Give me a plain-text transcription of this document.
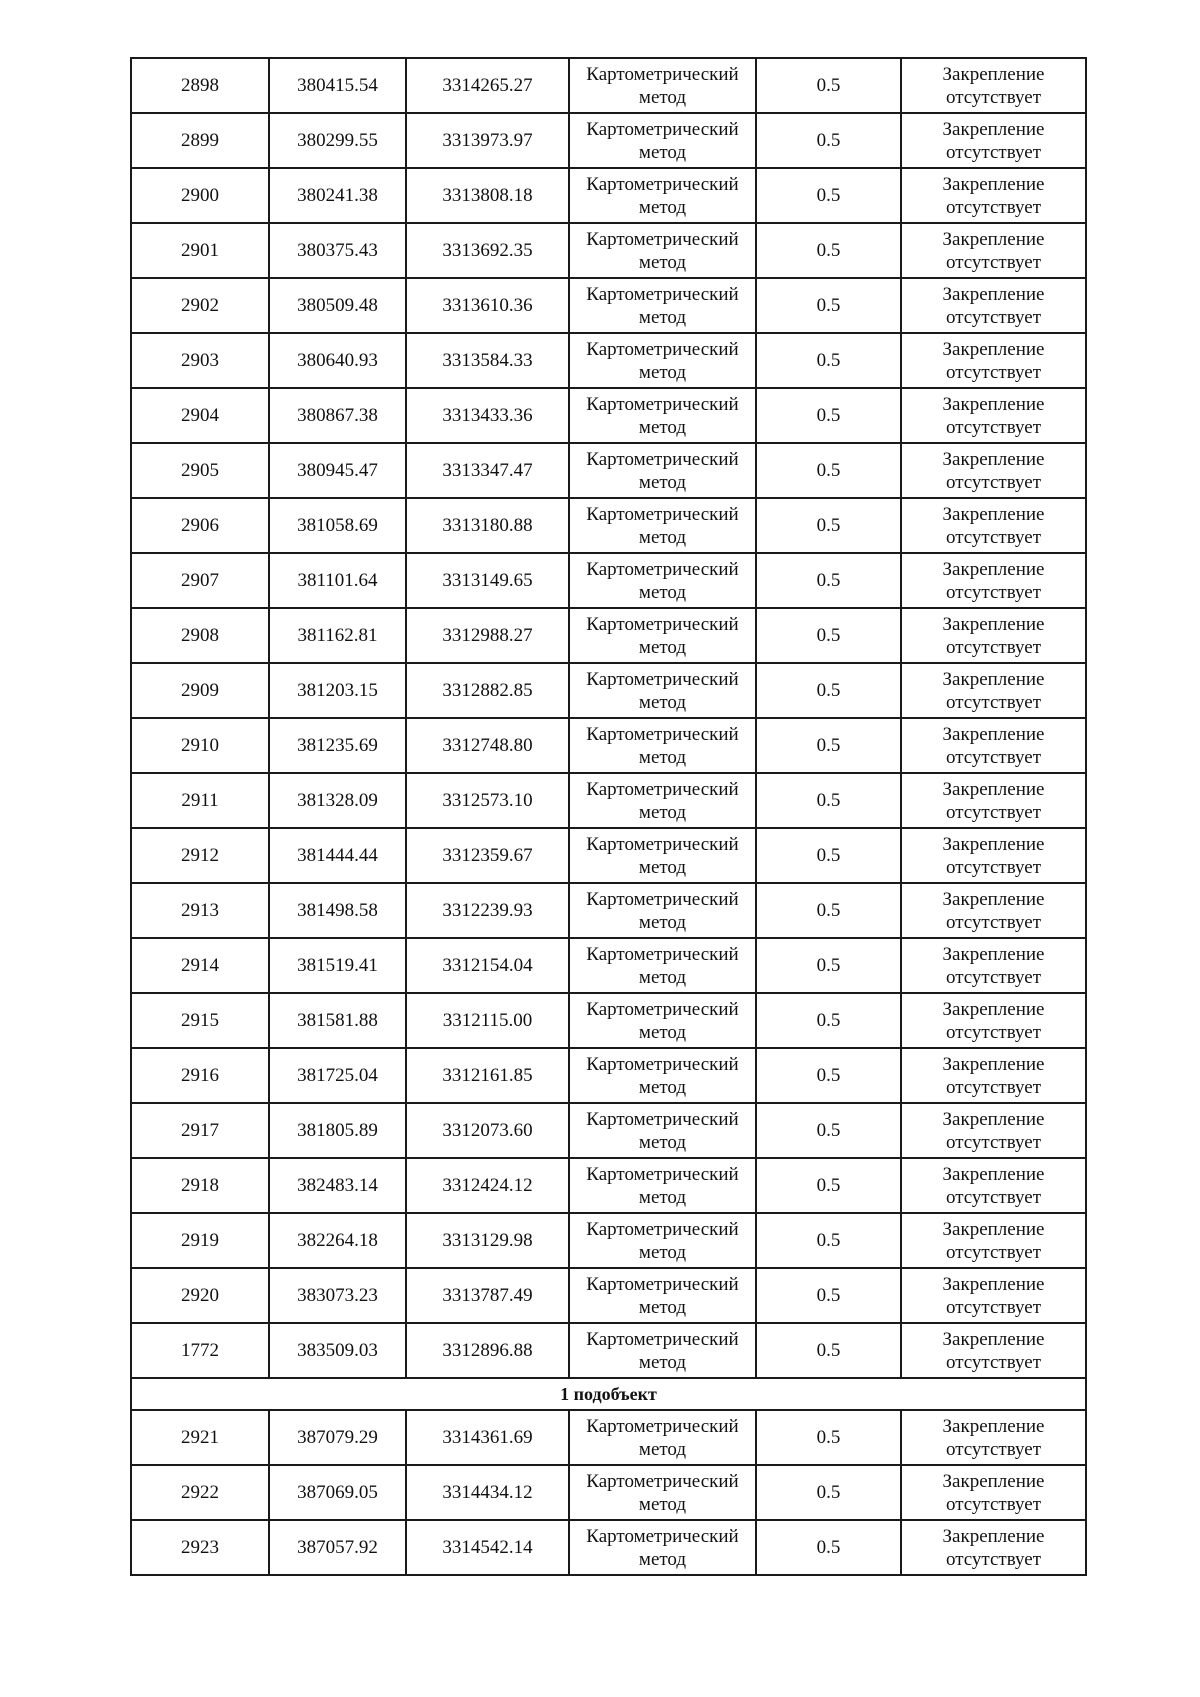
2898	380415.54	3314265.27	Картометрический метод	0.5	Закрепление отсутствует
2899	380299.55	3313973.97	Картометрический метод	0.5	Закрепление отсутствует
2900	380241.38	3313808.18	Картометрический метод	0.5	Закрепление отсутствует
2901	380375.43	3313692.35	Картометрический метод	0.5	Закрепление отсутствует
2902	380509.48	3313610.36	Картометрический метод	0.5	Закрепление отсутствует
2903	380640.93	3313584.33	Картометрический метод	0.5	Закрепление отсутствует
2904	380867.38	3313433.36	Картометрический метод	0.5	Закрепление отсутствует
2905	380945.47	3313347.47	Картометрический метод	0.5	Закрепление отсутствует
2906	381058.69	3313180.88	Картометрический метод	0.5	Закрепление отсутствует
2907	381101.64	3313149.65	Картометрический метод	0.5	Закрепление отсутствует
2908	381162.81	3312988.27	Картометрический метод	0.5	Закрепление отсутствует
2909	381203.15	3312882.85	Картометрический метод	0.5	Закрепление отсутствует
2910	381235.69	3312748.80	Картометрический метод	0.5	Закрепление отсутствует
2911	381328.09	3312573.10	Картометрический метод	0.5	Закрепление отсутствует
2912	381444.44	3312359.67	Картометрический метод	0.5	Закрепление отсутствует
2913	381498.58	3312239.93	Картометрический метод	0.5	Закрепление отсутствует
2914	381519.41	3312154.04	Картометрический метод	0.5	Закрепление отсутствует
2915	381581.88	3312115.00	Картометрический метод	0.5	Закрепление отсутствует
2916	381725.04	3312161.85	Картометрический метод	0.5	Закрепление отсутствует
2917	381805.89	3312073.60	Картометрический метод	0.5	Закрепление отсутствует
2918	382483.14	3312424.12	Картометрический метод	0.5	Закрепление отсутствует
2919	382264.18	3313129.98	Картометрический метод	0.5	Закрепление отсутствует
2920	383073.23	3313787.49	Картометрический метод	0.5	Закрепление отсутствует
1772	383509.03	3312896.88	Картометрический метод	0.5	Закрепление отсутствует
1 подобъект					
2921	387079.29	3314361.69	Картометрический метод	0.5	Закрепление отсутствует
2922	387069.05	3314434.12	Картометрический метод	0.5	Закрепление отсутствует
2923	387057.92	3314542.14	Картометрический метод	0.5	Закрепление отсутствует
